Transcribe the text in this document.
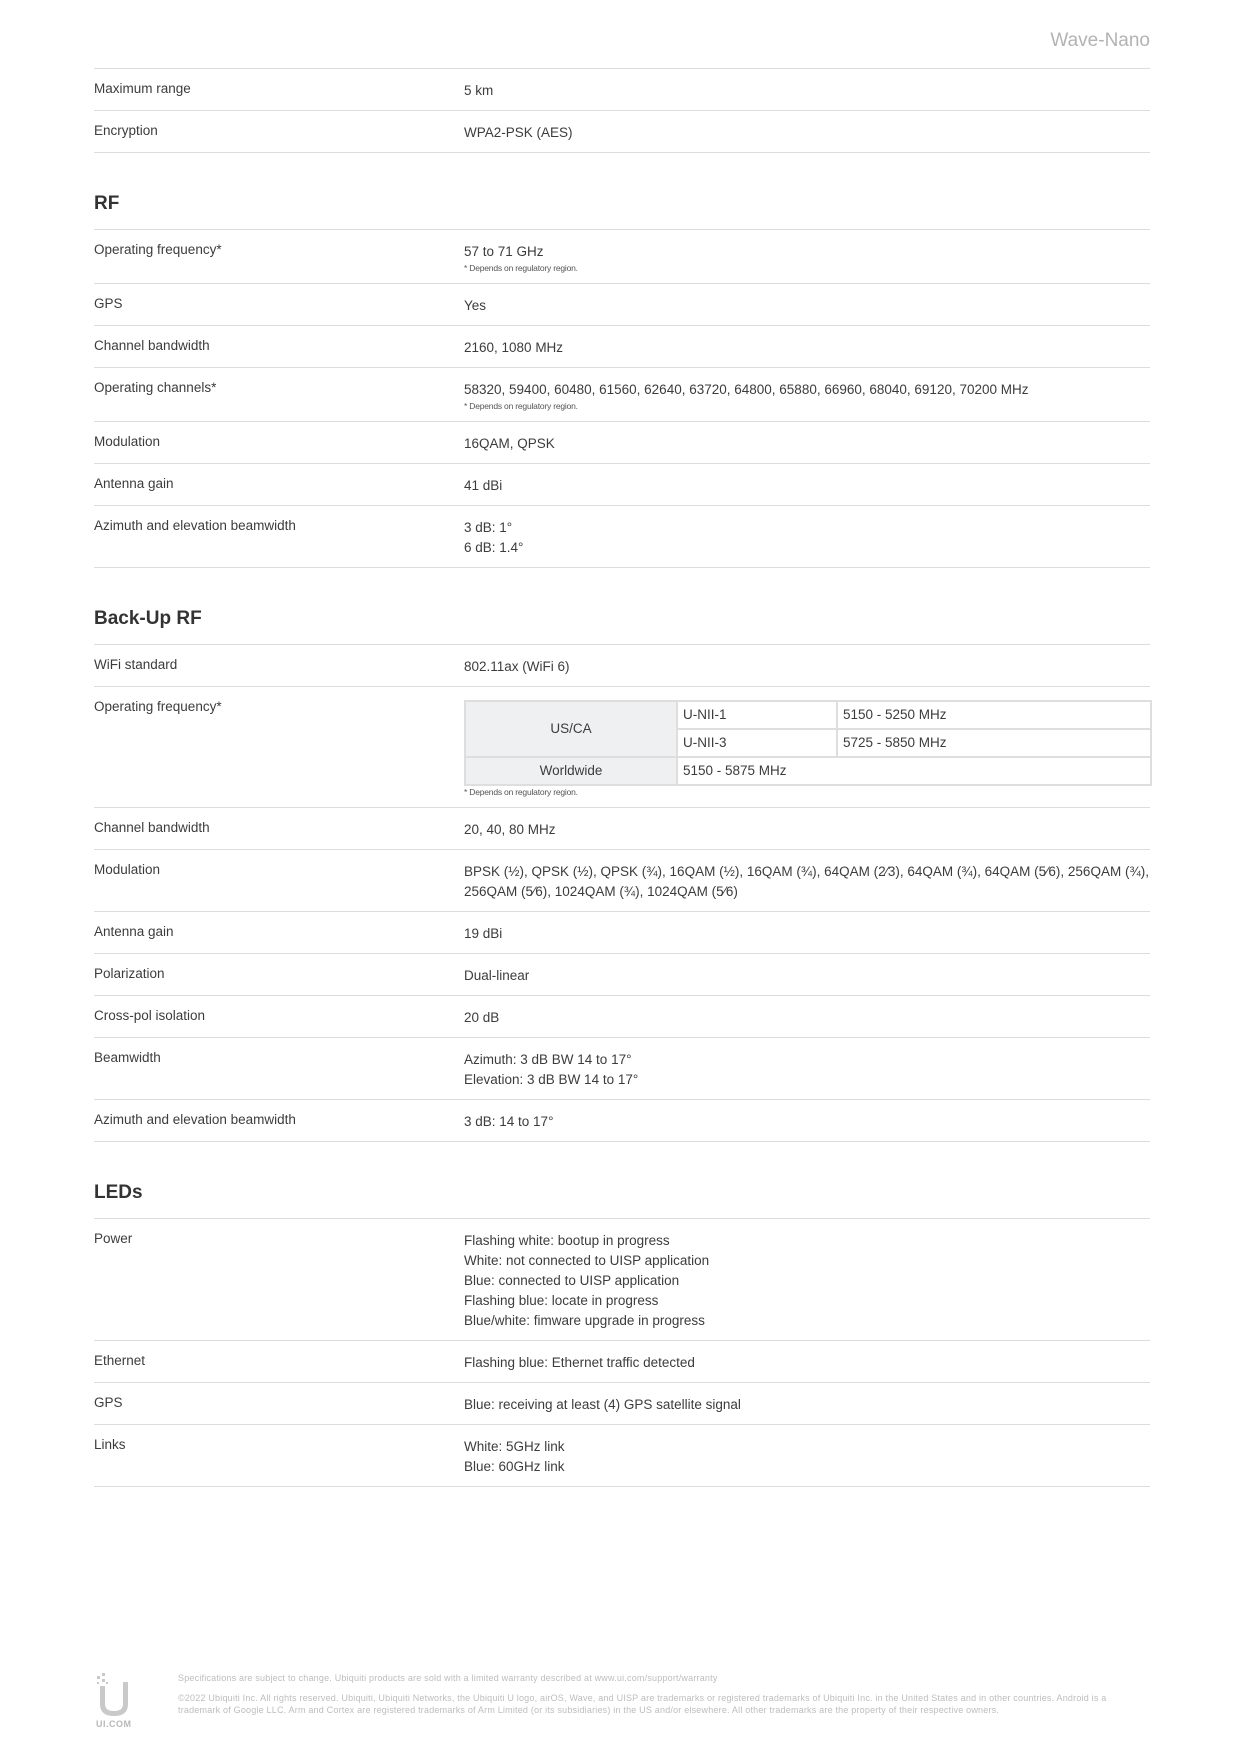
Wave-Nano
Maximum range	5 km
Encryption	WPA2-PSK (AES)
RF
Operating frequency*	57 to 71 GHz
* Depends on regulatory region.
GPS	Yes
Channel bandwidth	2160, 1080 MHz
Operating channels*	58320, 59400, 60480, 61560, 62640, 63720, 64800, 65880, 66960, 68040, 69120, 70200 MHz
* Depends on regulatory region.
Modulation	16QAM, QPSK
Antenna gain	41 dBi
Azimuth and elevation beamwidth	3 dB: 1°
6 dB: 1.4°
Back-Up RF
WiFi standard	802.11ax (WiFi 6)
Operating frequency*
US/CA	U-NII-1	5150 - 5250 MHz
	U-NII-3	5725 - 5850 MHz
Worldwide	5150 - 5875 MHz	
* Depends on regulatory region.
Channel bandwidth	20, 40, 80 MHz
Modulation	BPSK (½), QPSK (½), QPSK (¾), 16QAM (½), 16QAM (¾), 64QAM (2⁄3), 64QAM (¾), 64QAM (5⁄6), 256QAM (¾),
256QAM (5⁄6), 1024QAM (¾), 1024QAM (5⁄6)
Antenna gain	19 dBi
Polarization	Dual-linear
Cross-pol isolation	20 dB
Beamwidth	Azimuth: 3 dB BW 14 to 17°
Elevation: 3 dB BW 14 to 17°
Azimuth and elevation beamwidth	3 dB: 14 to 17°
LEDs
Power	Flashing white: bootup in progress
White: not connected to UISP application
Blue: connected to UISP application
Flashing blue: locate in progress
Blue/white: fimware upgrade in progress
Ethernet	Flashing blue: Ethernet traffic detected
GPS	Blue: receiving at least (4) GPS satellite signal
Links	White: 5GHz link
Blue: 60GHz link
UI.COM

Specifications are subject to change. Ubiquiti products are sold with a limited warranty described at www.ui.com/support/warranty

©2022 Ubiquiti Inc. All rights reserved. Ubiquiti, Ubiquiti Networks, the Ubiquiti U logo, airOS, Wave, and UISP are trademarks or registered trademarks of Ubiquiti Inc. in the United States and in other countries. Android is a trademark of Google LLC. Arm and Cortex are registered trademarks of Arm Limited (or its subsidiaries) in the US and/or elsewhere. All other trademarks are the property of their respective owners.
